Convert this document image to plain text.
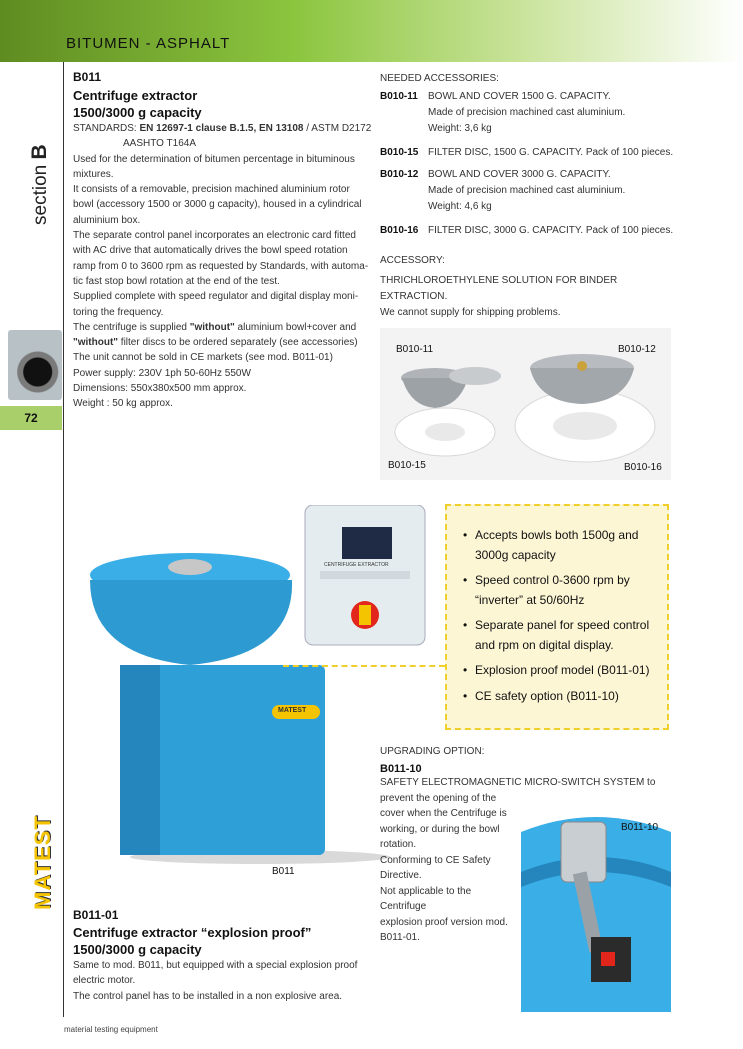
BITUMEN - ASPHALT
section B
72
MATEST
B011
Centrifuge extractor
1500/3000 g capacity
STANDARDS: EN 12697-1 clause B.1.5, EN 13108 / ASTM D2172
AASHTO T164A
Used for the determination of bitumen percentage in bituminous
mixtures.
It consists of a removable, precision machined aluminium rotor
bowl (accessory 1500 or 3000 g capacity), housed in a cylindrical
aluminium box.
The separate control panel incorporates an electronic card fitted
with AC drive that automatically drives the bowl speed rotation
ramp from 0 to 3600 rpm as requested by Standards, with automa-
tic fast stop bowl rotation at the end of the test.
Supplied complete with speed regulator and digital display moni-
toring the frequency.
The centrifuge is supplied "without" aluminium bowl+cover and
"without" filter discs to be ordered separately (see accessories)
The unit cannot be sold in CE markets (see mod. B011-01)
Power supply: 230V 1ph 50-60Hz 550W
Dimensions: 550x380x500 mm approx.
Weight : 50 kg approx.
NEEDED ACCESSORIES:
B010-11 BOWL AND COVER 1500 G. CAPACITY.
Made of precision machined cast aluminium.
Weight: 3,6 kg
B010-15 FILTER DISC, 1500 G. CAPACITY. Pack of 100 pieces.
B010-12 BOWL AND COVER 3000 G. CAPACITY.
Made of precision machined cast aluminium.
Weight: 4,6 kg
B010-16 FILTER DISC, 3000 G. CAPACITY. Pack of 100 pieces.
ACCESSORY:
THRICHLOROETHYLENE SOLUTION FOR BINDER EXTRACTION.
We cannot supply for shipping problems.
B010-11	B010-12
B010-15	B010-16
CENTRIFUGE EXTRACTOR
MATEST
B011
• Accepts bowls both 1500g and 3000g capacity
• Speed control 0-3600 rpm by “inverter” at 50/60Hz
• Separate panel for speed control and rpm on digital display.
• Explosion proof model (B011-01)
• CE safety option (B011-10)
UPGRADING OPTION:
B011-10
SAFETY ELECTROMAGNETIC MICRO-SWITCH SYSTEM to
prevent the opening of the
cover when the Centrifuge is
working, or during the bowl
rotation.
Conforming to CE Safety
Directive.
Not applicable to the Centrifuge
explosion proof version mod.
B011-01.
B011-10
B011-01
Centrifuge extractor “explosion proof”
1500/3000 g capacity
Same to mod. B011, but equipped with a special explosion proof
electric motor.
The control panel has to be installed in a non explosive area.
material testing equipment
